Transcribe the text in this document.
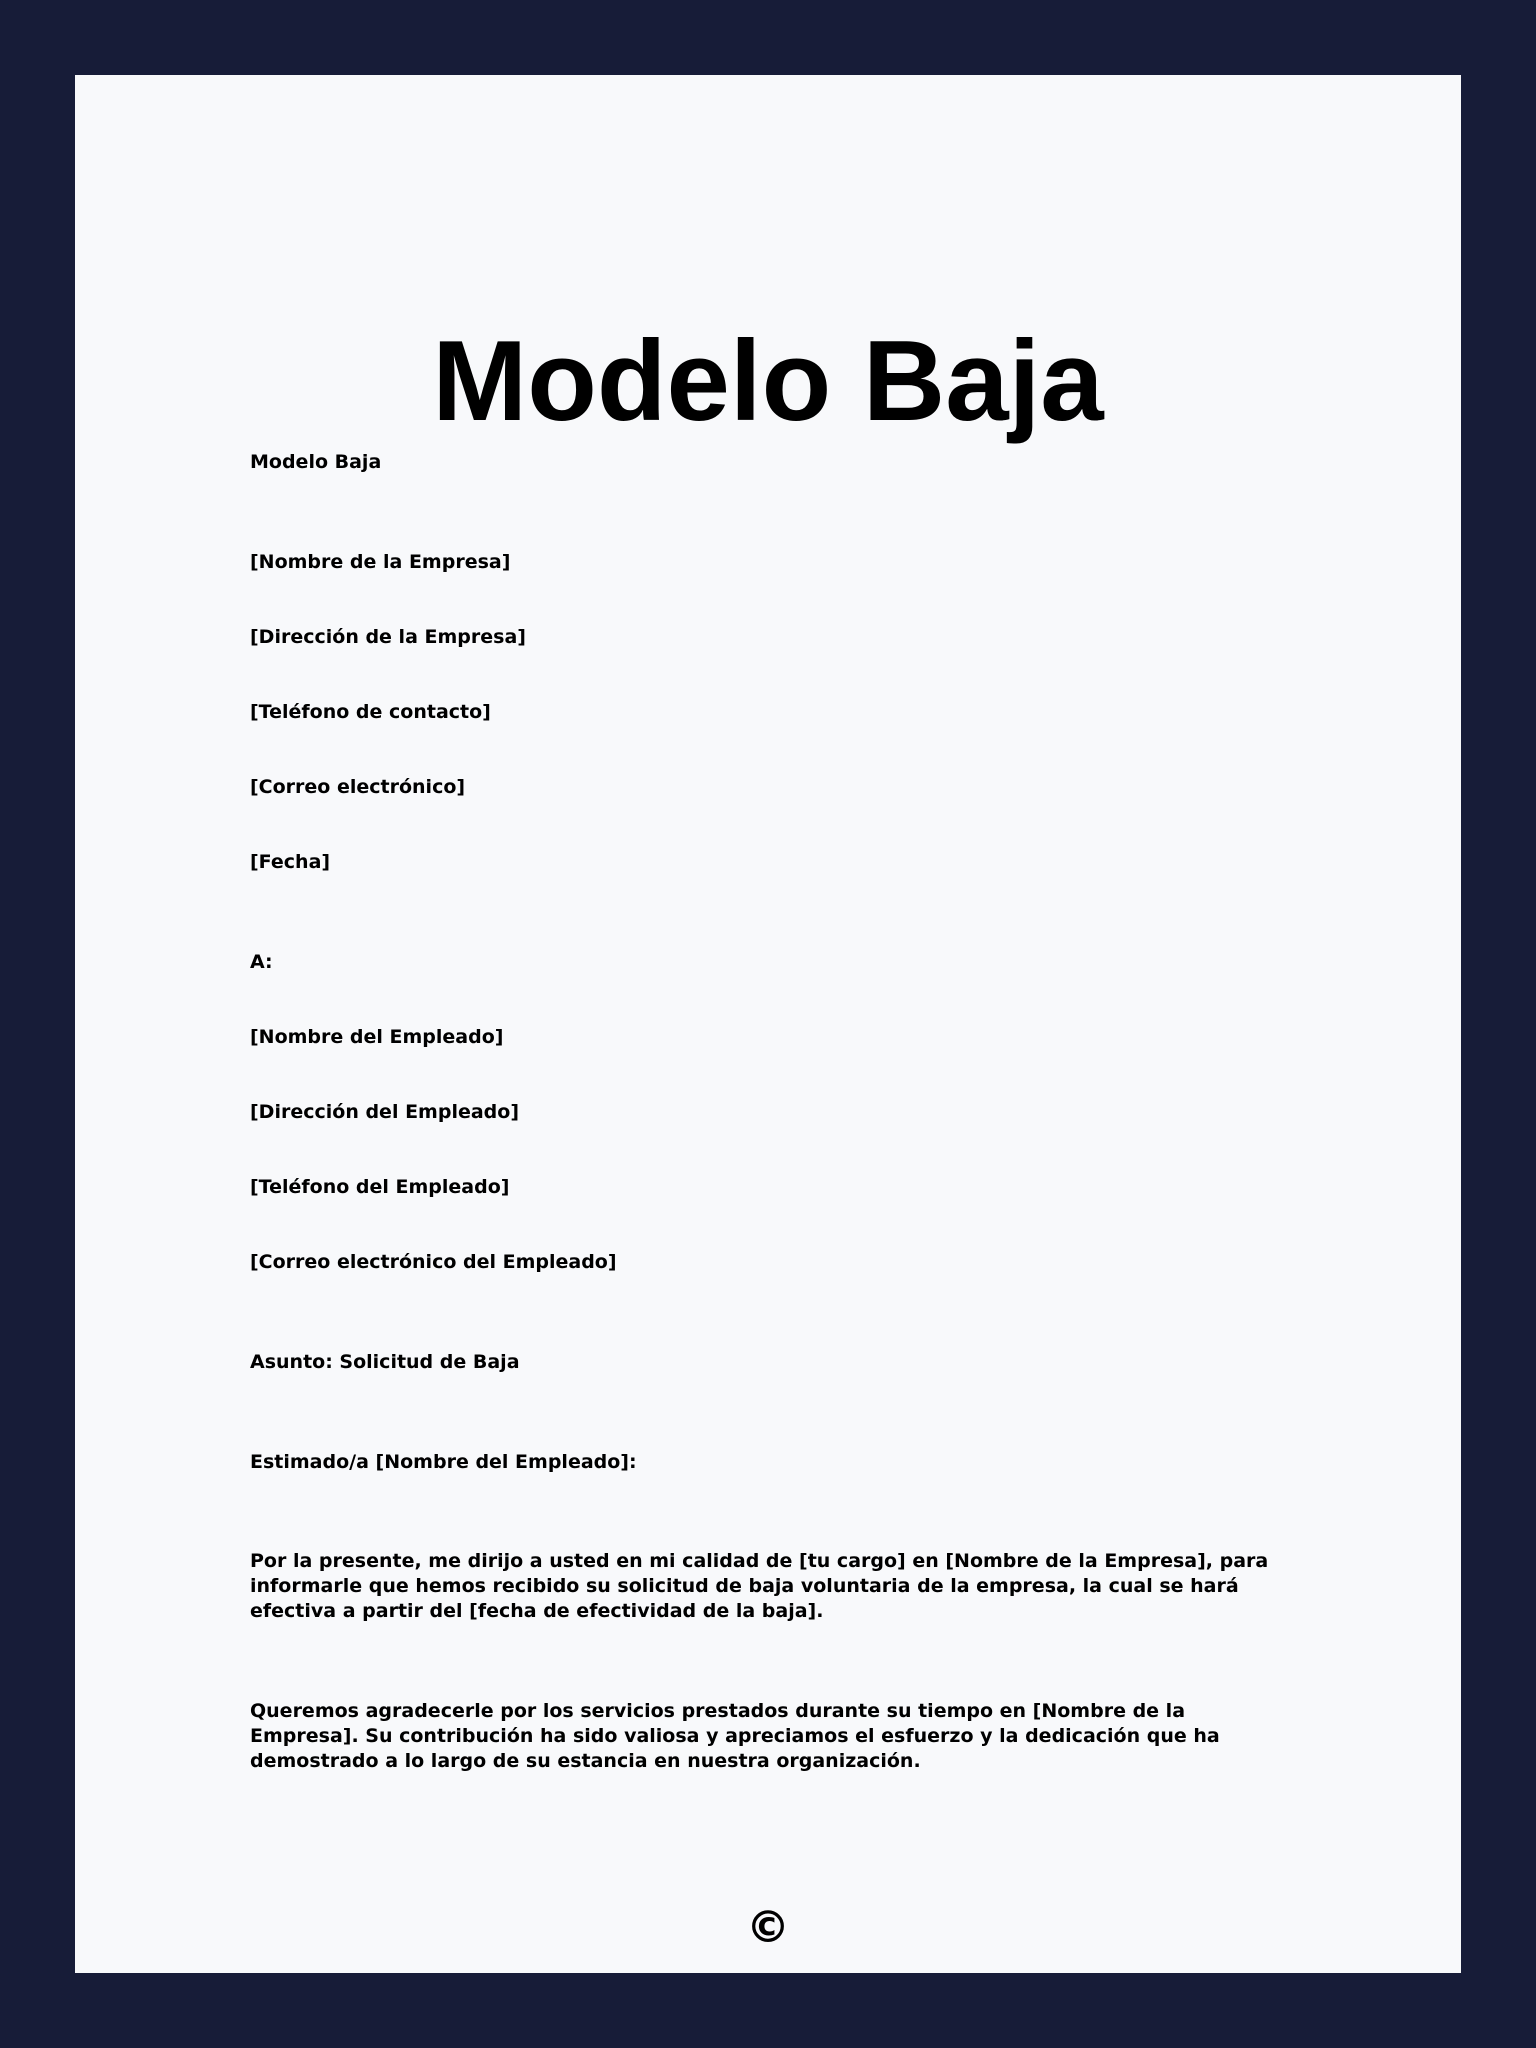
Modelo Baja

Modelo Baja

[Nombre de la Empresa]

[Dirección de la Empresa]

[Teléfono de contacto]

[Correo electrónico]

[Fecha]

A:

[Nombre del Empleado]

[Dirección del Empleado]

[Teléfono del Empleado]

[Correo electrónico del Empleado]

Asunto: Solicitud de Baja

Estimado/a [Nombre del Empleado]:

Por la presente, me dirijo a usted en mi calidad de [tu cargo] en [Nombre de la Empresa], para informarle que hemos recibido su solicitud de baja voluntaria de la empresa, la cual se hará efectiva a partir del [fecha de efectividad de la baja].

Queremos agradecerle por los servicios prestados durante su tiempo en [Nombre de la Empresa]. Su contribución ha sido valiosa y apreciamos el esfuerzo y la dedicación que ha demostrado a lo largo de su estancia en nuestra organización.

©
